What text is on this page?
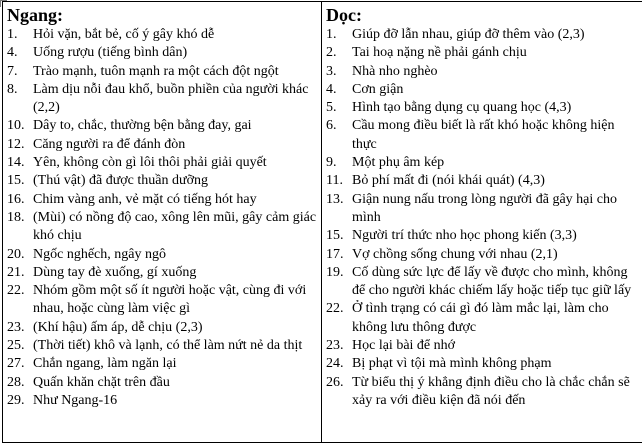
Ngang:
1.	Hỏi vặn, bắt bẻ, cố ý gây khó dễ
4.	Uống rượu (tiếng bình dân)
7.	Trào mạnh, tuôn mạnh ra một cách đột ngột
8.	Làm dịu nỗi đau khổ, buồn phiền của người khác (2,2)
10. Dây to, chắc, thường bện bằng đay, gai
12. Căng người ra để đánh đòn
14. Yên, không còn gì lôi thôi phải giải quyết
15. (Thú vật) đã được thuần dưỡng
16. Chim vàng anh, vẻ mặt có tiếng hót hay
18. (Mùi) có nồng độ cao, xông lên mũi, gây cảm giác khó chịu
20. Ngốc nghếch, ngây ngô
21. Dùng tay đè xuống, gí xuống
22. Nhóm gồm một số ít người hoặc vật, cùng đi với nhau, hoặc cùng làm việc gì
23. (Khí hậu) ấm áp, dễ chịu (2,3)
25. (Thời tiết) khô và lạnh, có thể làm nứt nẻ da thịt
27. Chắn ngang, làm ngăn lại
28. Quấn khăn chặt trên đầu
29. Như Ngang-16

Dọc:
1.	Giúp đỡ lẫn nhau, giúp đỡ thêm vào (2,3)
2.	Tai hoạ nặng nề phải gánh chịu
3.	Nhà nho nghèo
4.	Cơn giận
5.	Hình tạo bằng dụng cụ quang học (4,3)
6.	Cầu mong điều biết là rất khó hoặc không hiện thực
9.	Một phụ âm kép
11. Bỏ phí mất đi (nói khái quát) (4,3)
13. Giận nung nấu trong lòng người đã gây hại cho mình
15. Người trí thức nho học phong kiến (3,3)
17. Vợ chồng sống chung với nhau (2,1)
19. Cố dùng sức lực để lấy về được cho mình, không để cho người khác chiếm lấy hoặc tiếp tục giữ lấy
22. Ở tình trạng có cái gì đó làm mắc lại, làm cho không lưu thông được
23. Học lại bài để nhớ
24. Bị phạt vì tội mà mình không phạm
26. Từ biểu thị ý khẳng định điều cho là chắc chắn sẽ xảy ra với điều kiện đã nói đến
